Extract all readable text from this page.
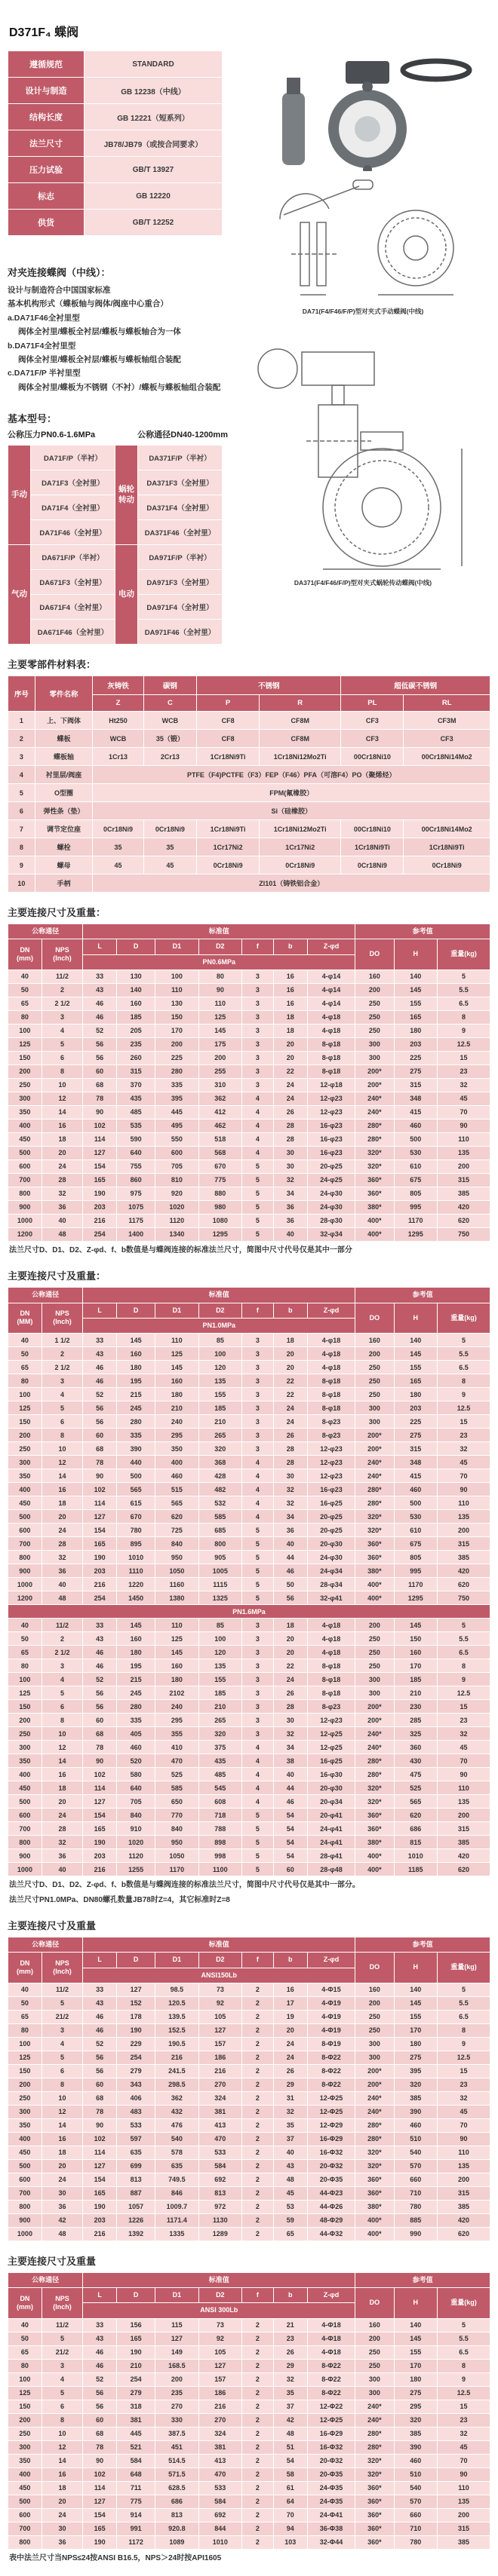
D371F₄ 蝶阀
遵循规范	STANDARD
设计与制造	GB 12238（中线）
结构长度	GB 12221（短系列）
法兰尺寸	JB78/JB79（或按合同要求）
压力试验	GB/T 13927
标志	GB 12220
供货	GB/T 12252
对夹连接蝶阀（中线）：
设计与制造符合中国国家标准
基本机构形式（蝶板轴与阀体/阀座中心重合）
a.DA71F46全衬里型
阀体全衬里/蝶板全衬层/蝶板与蝶板轴合为一体
b.DA71F4全衬里型
阀体全衬里/蝶板全衬层/蝶板与蝶板轴组合装配
c.DA71F/P 半衬里型
阀体全衬里/蝶板为不锈钢（不衬）/蝶板与蝶板轴组合装配
基本型号：
公称压力PN0.6-1.6MPa	公称通径DN40-1200mm
手动	DA71F/P（半衬）	蜗轮转动	DA371F/P（半衬）
	DA71F3（全衬里）		DA371F3（全衬里）
	DA71F4（全衬里）		DA371F4（全衬里）
	DA71F46（全衬里）		DA371F46（全衬里）
气动	DA671F/P（半衬）	电动	DA971F/P（半衬）
	DA671F3（全衬里）		DA971F3（全衬里）
	DA671F4（全衬里）		DA971F4（全衬里）
	DA671F46（全衬里）		DA971F46（全衬里）
DA71(F4/F46/F/P)型对夹式手动蝶阀(中线)
DA371(F4/F46/F/P)型对夹式蜗轮传动蝶阀(中线)
主要零部件材料表：
序号	零件名称	灰铸铁	碳钢	不锈钢		超低碳不锈钢	
		Z	C	P	R	PL	RL
1	上、下阀体	Ht250	WCB	CF8	CF8M	CF3	CF3M
2	蝶板	WCB	35（锻）	CF8	CF8M	CF3	CF3
3	蝶板轴	1Cr13	2Cr13	1Cr18Ni9Ti	1Cr18Ni12Mo2Ti	00Cr18Ni10	00Cr18Ni14Mo2
4	衬里层/阀座	PTFE（F4)PCTFE（F3）FEP（F46）PFA（可溶F4）PO（聚烯烃）					
5	O型圈	FPM(氟橡胶）					
6	弹性条（垫）	Si（硅橡胶）					
7	调节定位座	0Cr18Ni9	0Cr18Ni9	1Cr18Ni9Ti	1Cr18Ni12Mo2Ti	00Cr18Ni10	00Cr18Ni14Mo2
8	螺栓	35	35	1Cr17Ni2	1Cr17Ni2	1Cr18Ni9Ti	1Cr18Ni9Ti
9	螺母	45	45	0Cr18Ni9	0Cr18Ni9	0Cr18Ni9	0Cr18Ni9
10	手柄	Zl101（铸铁铝合金）					
主要连接尺寸及重量：
公称通径		标准值							参考值		
DN
(mm)	NPS
(Inch)	L	D	D1	D2	f	b	Z-φd	DO	H	重量(kg)
		PN0.6MPa									
40	11/2	33	130	100	80	3	16	4-φ14	160	140	5
50	2	43	140	110	90	3	16	4-φ14	200	145	5.5
65	2 1/2	46	160	130	110	3	16	4-φ14	250	155	6.5
80	3	46	185	150	125	3	18	4-φ18	250	165	8
100	4	52	205	170	145	3	18	4-φ18	250	180	9
125	5	56	235	200	175	3	20	8-φ18	300	203	12.5
150	6	56	260	225	200	3	20	8-φ18	300	225	15
200	8	60	315	280	255	3	22	8-φ18	200*	275	23
250	10	68	370	335	310	3	24	12-φ18	200*	315	32
300	12	78	435	395	362	4	24	12-φ23	240*	348	45
350	14	90	485	445	412	4	26	12-φ23	240*	415	70
400	16	102	535	495	462	4	28	16-φ23	280*	460	90
450	18	114	590	550	518	4	28	16-φ23	280*	500	110
500	20	127	640	600	568	4	30	16-φ23	320*	530	135
600	24	154	755	705	670	5	30	20-φ25	320*	610	200
700	28	165	860	810	775	5	32	24-φ25	360*	675	315
800	32	190	975	920	880	5	34	24-φ30	360*	805	385
900	36	203	1075	1020	980	5	36	24-φ30	380*	995	420
1000	40	216	1175	1120	1080	5	36	28-φ30	400*	1170	620
1200	48	254	1400	1340	1295	5	40	32-φ34	400*	1295	750
法兰尺寸D、D1、D2、Z-φd、f、b数值是与蝶阀连接的标准法兰尺寸，简图中尺寸代号仅是其中一部分
主要连接尺寸及重量：
公称通径		标准值							参考值		
DN
(MM)	NPS
(Inch)	L	D	D1	D2	f	b	Z-φd	DO	H	重量(kg)
		PN1.0MPa									
40	1 1/2	33	145	110	85	3	18	4-φ18	160	140	5
50	2	43	160	125	100	3	20	4-φ18	200	145	5.5
65	2 1/2	46	180	145	120	3	20	4-φ18	250	155	6.5
80	3	46	195	160	135	3	22	8-φ18	250	165	8
100	4	52	215	180	155	3	22	8-φ18	250	180	9
125	5	56	245	210	185	3	24	8-φ18	300	203	12.5
150	6	56	280	240	210	3	24	8-φ23	300	225	15
200	8	60	335	295	265	3	26	8-φ23	200*	275	23
250	10	68	390	350	320	3	28	12-φ23	200*	315	32
300	12	78	440	400	368	4	28	12-φ23	240*	348	45
350	14	90	500	460	428	4	30	12-φ23	240*	415	70
400	16	102	565	515	482	4	32	16-φ23	280*	460	90
450	18	114	615	565	532	4	32	16-φ25	280*	500	110
500	20	127	670	620	585	4	34	20-φ25	320*	530	135
600	24	154	780	725	685	5	36	20-φ25	320*	610	200
700	28	165	895	840	800	5	40	20-φ30	360*	675	315
800	32	190	1010	950	905	5	44	24-φ30	360*	805	385
900	36	203	1110	1050	1005	5	46	24-φ34	380*	995	420
1000	40	216	1220	1160	1115	5	50	28-φ34	400*	1170	620
1200	48	254	1450	1380	1325	5	56	32-φ41	400*	1295	750
PN1.6MPa											
40	11/2	33	145	110	85	3	18	4-φ18	200	145	5
50	2	43	160	125	100	3	20	4-φ18	250	150	5.5
65	2 1/2	46	180	145	120	3	20	4-φ18	250	160	6.5
80	3	46	195	160	135	3	22	8-φ18	250	170	8
100	4	52	215	180	155	3	24	8-φ18	300	185	9
125	5	56	245	2102	185	3	26	8-φ18	300	210	12.5
150	6	56	280	240	210	3	28	8-φ23	200*	230	15
200	8	60	335	295	265	3	30	12-φ23	200*	285	23
250	10	68	405	355	320	3	32	12-φ25	240*	325	32
300	12	78	460	410	375	4	34	12-φ25	240*	360	45
350	14	90	520	470	435	4	38	16-φ25	280*	430	70
400	16	102	580	525	485	4	40	16-φ30	280*	475	90
450	18	114	640	585	545	4	44	20-φ30	320*	525	110
500	20	127	705	650	608	4	46	20-φ34	320*	565	135
600	24	154	840	770	718	5	54	20-φ41	360*	620	200
700	28	165	910	840	788	5	54	24-φ41	360*	686	315
800	32	190	1020	950	898	5	54	24-φ41	380*	815	385
900	36	203	1120	1050	998	5	54	28-φ41	400*	1010	420
1000	40	216	1255	1170	1100	5	60	28-φ48	400*	1185	620
法兰尺寸D、D1、D2、Z-φd、f、b数值是与蝶阀连接的标准法兰尺寸，简图中尺寸代号仅是其中一部分。
法兰尺寸PN1.0MPa、DN80螺孔数量JB78时Z=4，其它标准时Z=8
主要连接尺寸及重量
公称通径		标准值							参考值		
DN
(mm)	NPS
(Inch)	L	D	D1	D2	f	b	Z-φd	DO	H	重量(kg)
		ANSI150Lb									
40	11/2	33	127	98.5	73	2	16	4-Φ15	160	140	5
50	5	43	152	120.5	92	2	17	4-Φ19	200	145	5.5
65	21/2	46	178	139.5	105	2	19	4-Φ19	250	155	6.5
80	3	46	190	152.5	127	2	20	4-Φ19	250	170	8
100	4	52	229	190.5	157	2	24	8-Φ19	300	180	9
125	5	56	254	216	186	2	24	8-Φ22	300	275	12.5
150	6	56	279	241.5	216	2	26	8-Φ22	200*	395	15
200	8	60	343	298.5	270	2	29	8-Φ22	200*	320	23
250	10	68	406	362	324	2	31	12-Φ25	240*	385	32
300	12	78	483	432	381	2	32	12-Φ25	240*	390	45
350	14	90	533	476	413	2	35	12-Φ29	280*	460	70
400	16	102	597	540	470	2	37	16-Φ29	280*	510	90
450	18	114	635	578	533	2	40	16-Φ32	320*	540	110
500	20	127	699	635	584	2	43	20-Φ32	320*	570	135
600	24	154	813	749.5	692	2	48	20-Φ35	360*	660	200
700	30	165	887	846	813	2	45	44-Φ23	360*	710	315
800	36	190	1057	1009.7	972	2	53	44-Φ26	380*	780	385
900	42	203	1226	1171.4	1130	2	59	48-Φ29	400*	885	420
1000	48	216	1392	1335	1289	2	65	44-Φ32	400*	990	620
主要连接尺寸及重量
公称通径		标准值							参考值		
DN
(mm)	NPS
(Inch)	L	D	D1	D2	f	b	Z-φd	DO	H	重量(kg)
		ANSI 300Lb									
40	11/2	33	156	115	73	2	21	4-Φ18	160	140	5
50	5	43	165	127	92	2	23	4-Φ18	200	145	5.5
65	21/2	46	190	149	105	2	26	4-Φ18	250	155	6.5
80	3	46	210	168.5	127	2	29	8-Φ22	250	170	8
100	4	52	254	200	157	2	32	8-Φ22	300	180	9
125	5	56	279	235	186	2	35	8-Φ22	300	275	12.5
150	6	56	318	270	216	2	37	12-Φ22	240*	295	15
200	8	60	381	330	270	2	42	12-Φ25	240*	320	23
250	10	68	445	387.5	324	2	48	16-Φ29	280*	385	32
300	12	78	521	451	381	2	51	16-Φ32	280*	390	45
350	14	90	584	514.5	413	2	54	20-Φ32	320*	460	70
400	16	102	648	571.5	470	2	58	20-Φ35	320*	510	90
450	18	114	711	628.5	533	2	61	24-Φ35	360*	540	110
500	20	127	775	686	584	2	64	24-Φ35	360*	570	135
600	24	154	914	813	692	2	70	24-Φ41	360*	660	200
700	30	165	991	920.8	844	2	94	36-Φ38	360*	710	315
800	36	190	1172	1089	1010	2	103	32-Φ44	360*	780	385
表中法兰尺寸当NPS≤24按ANSI B16.5，NPS＞24时按API1605
